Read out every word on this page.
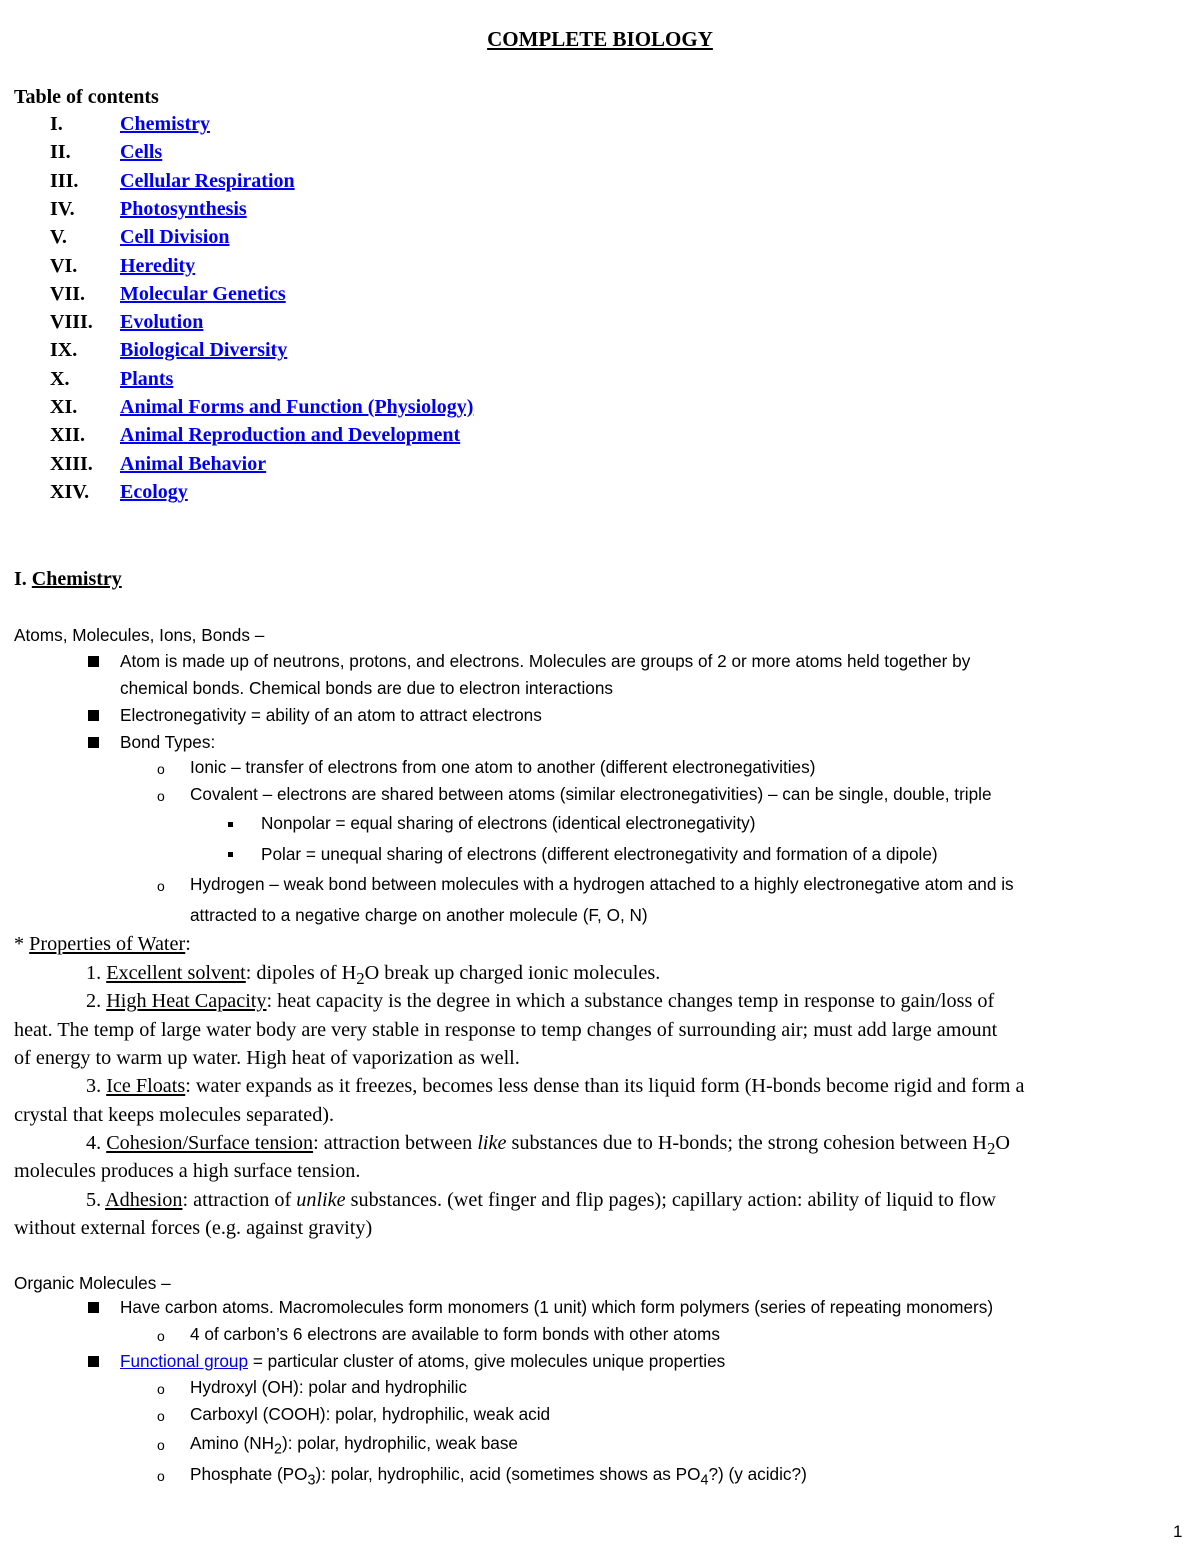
COMPLETE BIOLOGY
Table of contents
I.	Chemistry
II. Cells
III. Cellular Respiration
IV. Photosynthesis
V.	Cell Division
VI. Heredity
VII. Molecular Genetics
VIII. Evolution
IX. Biological Diversity
X.	Plants
XI. Animal Forms and Function (Physiology)
XII. Animal Reproduction and Development
XIII. Animal Behavior
XIV. Ecology
I. Chemistry
Atoms, Molecules, Ions, Bonds –
Atom is made up of neutrons, protons, and electrons. Molecules are groups of 2 or more atoms held together by
chemical bonds. Chemical bonds are due to electron interactions
Electronegativity = ability of an atom to attract electrons
Bond Types:
o Ionic – transfer of electrons from one atom to another (different electronegativities)
o Covalent – electrons are shared between atoms (similar electronegativities) – can be single, double, triple
Nonpolar = equal sharing of electrons (identical electronegativity)
Polar = unequal sharing of electrons (different electronegativity and formation of a dipole)
o Hydrogen – weak bond between molecules with a hydrogen attached to a highly electronegative atom and is
attracted to a negative charge on another molecule (F, O, N)
* Properties of Water:
1. Excellent solvent: dipoles of $H_2O$ break up charged ionic molecules.
2. High Heat Capacity: heat capacity is the degree in which a substance changes temp in response to gain/loss of
heat. The temp of large water body are very stable in response to temp changes of surrounding air; must add large amount
of energy to warm up water. High heat of vaporization as well.
3. Ice Floats: water expands as it freezes, becomes less dense than its liquid form (H-bonds become rigid and form a
crystal that keeps molecules separated).
4. Cohesion/Surface tension: attraction between like substances due to H-bonds; the strong cohesion between $H_2O$
molecules produces a high surface tension.
5. Adhesion: attraction of unlike substances. (wet finger and flip pages); capillary action: ability of liquid to flow
without external forces (e.g. against gravity)
Organic Molecules –
Have carbon atoms. Macromolecules form monomers (1 unit) which form polymers (series of repeating monomers)
o 4 of carbon’s 6 electrons are available to form bonds with other atoms
Functional group = particular cluster of atoms, give molecules unique properties
o Hydroxyl (OH): polar and hydrophilic
o Carboxyl (COOH): polar, hydrophilic, weak acid
o Amino $(NH_2)$: polar, hydrophilic, weak base
o Phosphate $(PO_3)$: polar, hydrophilic, acid (sometimes shows as $PO_4$?) (y acidic?)
1
